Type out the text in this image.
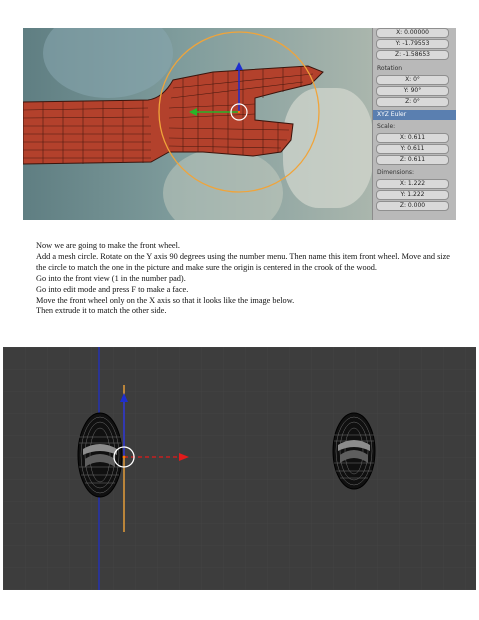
X: 0.00000
Y: -1.79553
Z: -1.58653
Rotation
X: 0°
Y: 90°
Z: 0°
XYZ Euler
Scale:
X: 0.611
Y: 0.611
Z: 0.611
Dimensions:
X: 1.222
Y: 1.222
Z: 0.000

Now we are going to make the front wheel.

Add a mesh circle. Rotate on the Y axis 90 degrees using the number menu. Then name this item front wheel. Move and size the circle to match the one in the picture and make sure the origin is centered in the crook of the wood.

Go into the front view (1 in the number pad).

Go into edit mode and press F to make a face.

Move the front wheel only on the X axis so that it looks like the image below.

Then extrude it to match the other side.
